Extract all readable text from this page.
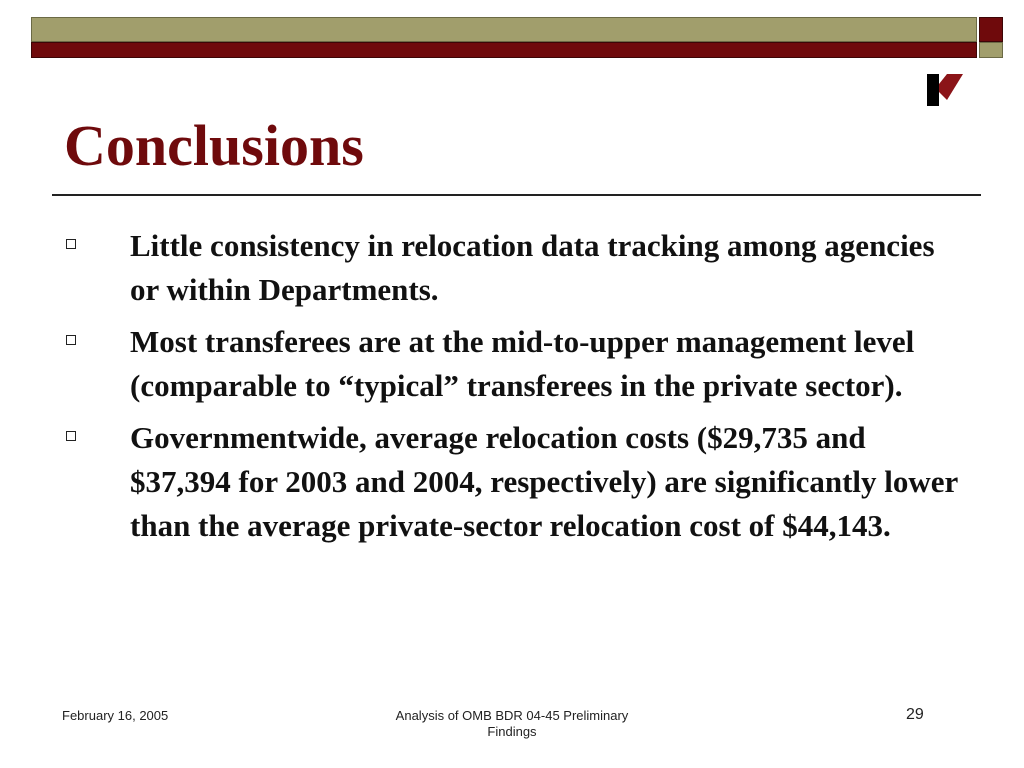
Conclusions
Little consistency in relocation data tracking among agencies or within Departments.
Most transferees are at the mid-to-upper management level (comparable to “typical” transferees in the private sector).
Governmentwide, average relocation costs ($29,735 and $37,394 for 2003 and 2004, respectively) are significantly lower than the average private-sector relocation cost of $44,143.
February 16, 2005	Analysis of OMB BDR 04-45 Preliminary
Findings
29
